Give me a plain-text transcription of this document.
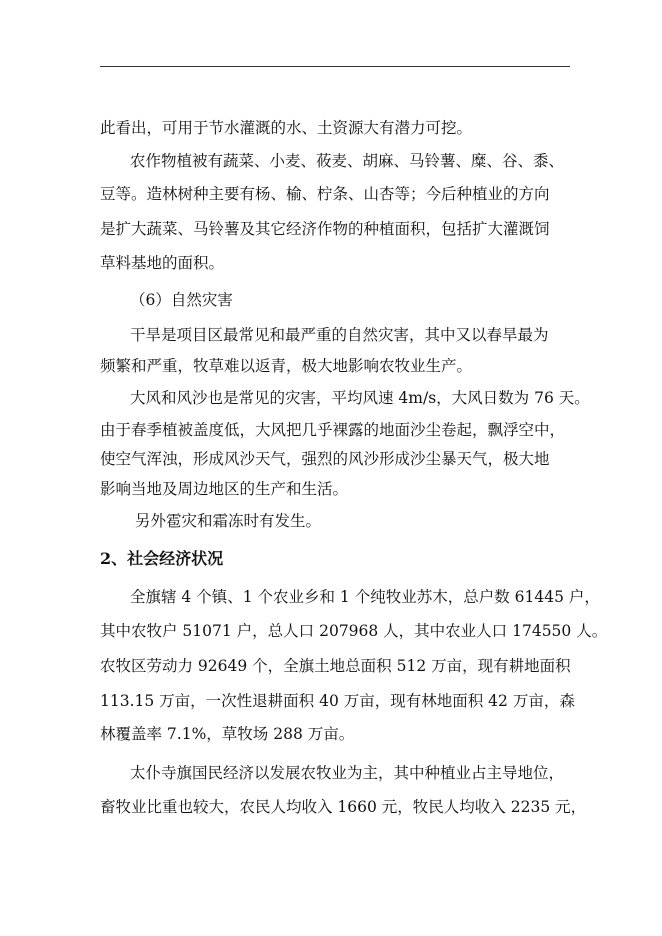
此看出，可用于节水灌溉的水、土资源大有潜力可挖。
农作物植被有蔬菜、小麦、莜麦、胡麻、马铃薯、糜、谷、黍、
豆等。造林树种主要有杨、榆、柠条、山杏等；今后种植业的方向
是扩大蔬菜、马铃薯及其它经济作物的种植面积，包括扩大灌溉饲
草料基地的面积。
（6）自然灾害
干旱是项目区最常见和最严重的自然灾害，其中又以春旱最为
频繁和严重，牧草难以返青，极大地影响农牧业生产。
大风和风沙也是常见的灾害，平均风速 4m/s，大风日数为 76 天。
由于春季植被盖度低，大风把几乎裸露的地面沙尘卷起，飘浮空中，
使空气浑浊，形成风沙天气，强烈的风沙形成沙尘暴天气，极大地
影响当地及周边地区的生产和生活。
另外雹灾和霜冻时有发生。
2、社会经济状况
全旗辖 4 个镇、1 个农业乡和 1 个纯牧业苏木，总户数 61445 户，
其中农牧户 51071 户，总人口 207968 人，其中农业人口 174550 人。
农牧区劳动力 92649 个，全旗土地总面积 512 万亩，现有耕地面积
113.15 万亩，一次性退耕面积 40 万亩，现有林地面积 42 万亩，森
林覆盖率 7.1%，草牧场 288 万亩。
太仆寺旗国民经济以发展农牧业为主，其中种植业占主导地位，
畜牧业比重也较大，农民人均收入 1660 元，牧民人均收入 2235 元，
